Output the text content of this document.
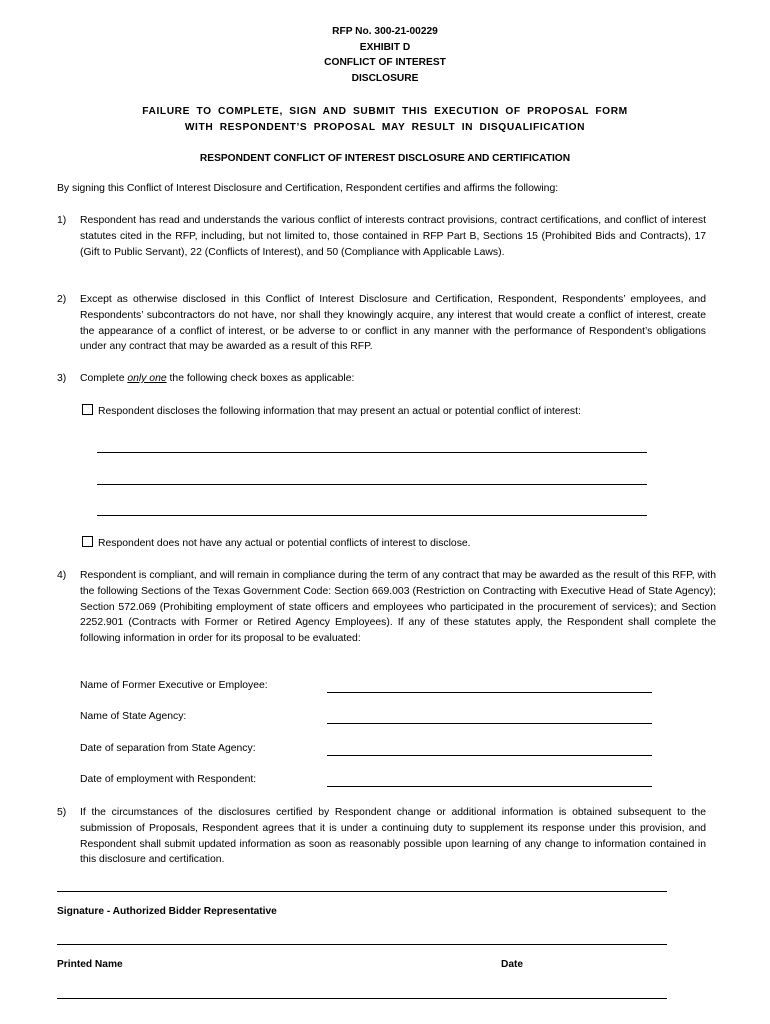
RFP No. 300-21-00229
EXHIBIT D
CONFLICT OF INTEREST
DISCLOSURE
FAILURE TO COMPLETE, SIGN AND SUBMIT THIS EXECUTION OF PROPOSAL FORM
WITH RESPONDENT’S PROPOSAL MAY RESULT IN DISQUALIFICATION
RESPONDENT CONFLICT OF INTEREST DISCLOSURE AND CERTIFICATION
By signing this Conflict of Interest Disclosure and Certification, Respondent certifies and affirms the following:
1)	Respondent has read and understands the various conflict of interests contract provisions, contract certifications, and conflict of interest statutes cited in the RFP, including, but not limited to, those contained in RFP Part B, Sections 15 (Prohibited Bids and Contracts), 17 (Gift to Public Servant), 22 (Conflicts of Interest), and 50 (Compliance with Applicable Laws).
2)	Except as otherwise disclosed in this Conflict of Interest Disclosure and Certification, Respondent, Respondents’ employees, and Respondents’ subcontractors do not have, nor shall they knowingly acquire, any interest that would create a conflict of interest, create the appearance of a conflict of interest, or be adverse to or conflict in any manner with the performance of Respondent’s obligations under any contract that may be awarded as a result of this RFP.
3)	Complete only one the following check boxes as applicable:
Respondent discloses the following information that may present an actual or potential conflict of interest:
Respondent does not have any actual or potential conflicts of interest to disclose.
4)	Respondent is compliant, and will remain in compliance during the term of any contract that may be awarded as the result of this RFP, with the following Sections of the Texas Government Code: Section 669.003 (Restriction on Contracting with Executive Head of State Agency); Section 572.069 (Prohibiting employment of state officers and employees who participated in the procurement of services); and Section 2252.901 (Contracts with Former or Retired Agency Employees). If any of these statutes apply, the Respondent shall complete the following information in order for its proposal to be evaluated:
Name of Former Executive or Employee:
Name of State Agency:
Date of separation from State Agency:
Date of employment with Respondent:
5)	If the circumstances of the disclosures certified by Respondent change or additional information is obtained subsequent to the submission of Proposals, Respondent agrees that it is under a continuing duty to supplement its response under this provision, and Respondent shall submit updated information as soon as reasonably possible upon learning of any change to information contained in this disclosure and certification.
Signature - Authorized Bidder Representative
Printed Name	Date
